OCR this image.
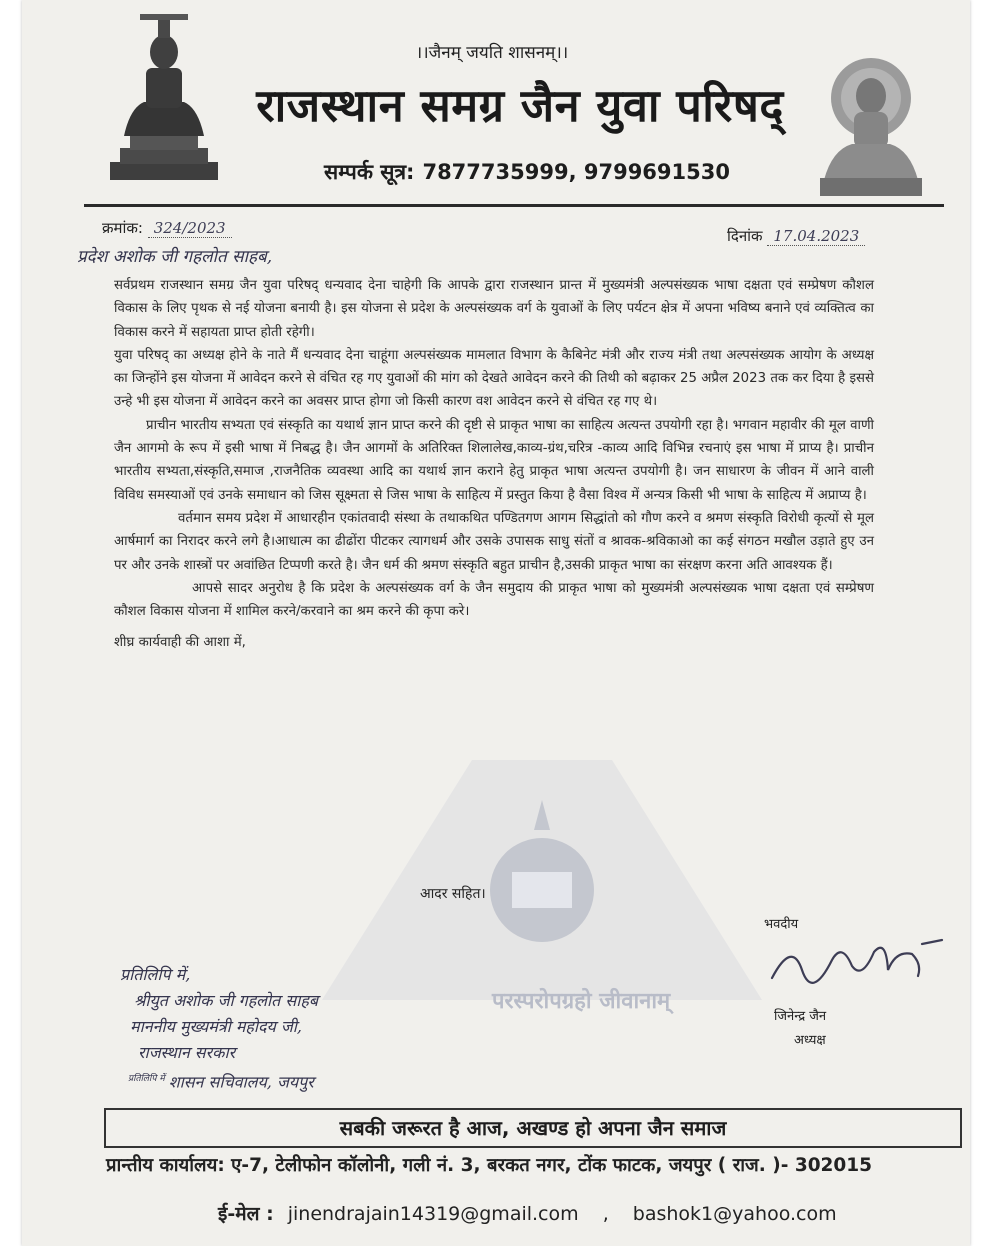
।।जैनम् जयति शासनम्।।
राजस्थान समग्र जैन युवा परिषद्
सम्पर्क सूत्र: 7877735999, 9799691530
क्रमांक: 324/2023	दिनांक 17.04.2023
प्रदेश अशोक जी गहलोत साहब,
परस्परोपग्रहो जीवानाम्

सर्वप्रथम राजस्थान समग्र जैन युवा परिषद् धन्यवाद देना चाहेगी कि आपके द्वारा राजस्थान प्रान्त में मुख्यमंत्री अल्पसंख्यक भाषा दक्षता एवं सम्प्रेषण कौशल विकास के लिए पृथक से नई योजना बनायी है। इस योजना से प्रदेश के अल्पसंख्यक वर्ग के युवाओं के लिए पर्यटन क्षेत्र में अपना भविष्य बनाने एवं व्यक्तित्व का विकास करने में सहायता प्राप्त होती रहेगी।

युवा परिषद् का अध्यक्ष होने के नाते मैं धन्यवाद देना चाहूंगा अल्पसंख्यक मामलात विभाग के कैबिनेट मंत्री और राज्य मंत्री तथा अल्पसंख्यक आयोग के अध्यक्ष का जिन्होंने इस योजना में आवेदन करने से वंचित रह गए युवाओं की मांग को देखते आवेदन करने की तिथी को बढ़ाकर 25 अप्रैल 2023 तक कर दिया है इससे उन्हे भी इस योजना में आवेदन करने का अवसर प्राप्त होगा जो किसी कारण वश आवेदन करने से वंचित रह गए थे।

प्राचीन भारतीय सभ्यता एवं संस्कृति का यथार्थ ज्ञान प्राप्त करने की दृष्टी से प्राकृत भाषा का साहित्य अत्यन्त उपयोगी रहा है। भगवान महावीर की मूल वाणी जैन आगमो के रूप में इसी भाषा में निबद्ध है। जैन आगमों के अतिरिक्त शिलालेख,काव्य-ग्रंथ,चरित्र -काव्य आदि विभिन्न रचनाएं इस भाषा में प्राप्य है। प्राचीन भारतीय सभ्यता,संस्कृति,समाज ,राजनैतिक व्यवस्था आदि का यथार्थ ज्ञान कराने हेतु प्राकृत भाषा अत्यन्त उपयोगी है। जन साधारण के जीवन में आने वाली विविध समस्याओं एवं उनके समाधान को जिस सूक्ष्मता से जिस भाषा के साहित्य में प्रस्तुत किया है वैसा विश्व में अन्यत्र किसी भी भाषा के साहित्य में अप्राप्य है।

वर्तमान समय प्रदेश में आधारहीन एकांतवादी संस्था के तथाकथित पण्डितगण आगम सिद्धांतो को गौण करने व श्रमण संस्कृति विरोधी कृत्यों से मूल आर्षमार्ग का निरादर करने लगे है।आधात्म का ढीढोंरा पीटकर त्यागधर्म और उसके उपासक साधु संतों व श्रावक-श्रविकाओ का कई संगठन मखौल उड़ाते हुए उन पर और उनके शास्त्रों पर अवांछित टिप्पणी करते है। जैन धर्म की श्रमण संस्कृति बहुत प्राचीन है,उसकी प्राकृत भाषा का संरक्षण करना अति आवश्यक हैं।

आपसे सादर अनुरोध है कि प्रदेश के अल्पसंख्यक वर्ग के जैन समुदाय की प्राकृत भाषा को मुख्यमंत्री अल्पसंख्यक भाषा दक्षता एवं सम्प्रेषण कौशल विकास योजना में शामिल करने/करवाने का श्रम करने की कृपा करे।

शीघ्र कार्यवाही की आशा में,

आदर सहित।
भवदीय
जिनेन्द्र जैन
अध्यक्ष
प्रतिलिपि में,
श्रीयुत अशोक जी गहलोत साहब
माननीय मुख्यमंत्री महोदय जी,
राजस्थान सरकार
$^{प्रतिलिपि में}$ शासन सचिवालय, जयपुर
सबकी जरूरत है आज, अखण्ड हो अपना जैन समाज
प्रान्तीय कार्यालय: ए-7, टेलीफोन कॉलोनी, गली नं. 3, बरकत नगर, टोंक फाटक, जयपुर ( राज. )- 302015
ई-मेल : jinendrajain14319@gmail.com , bashok1@yahoo.com
